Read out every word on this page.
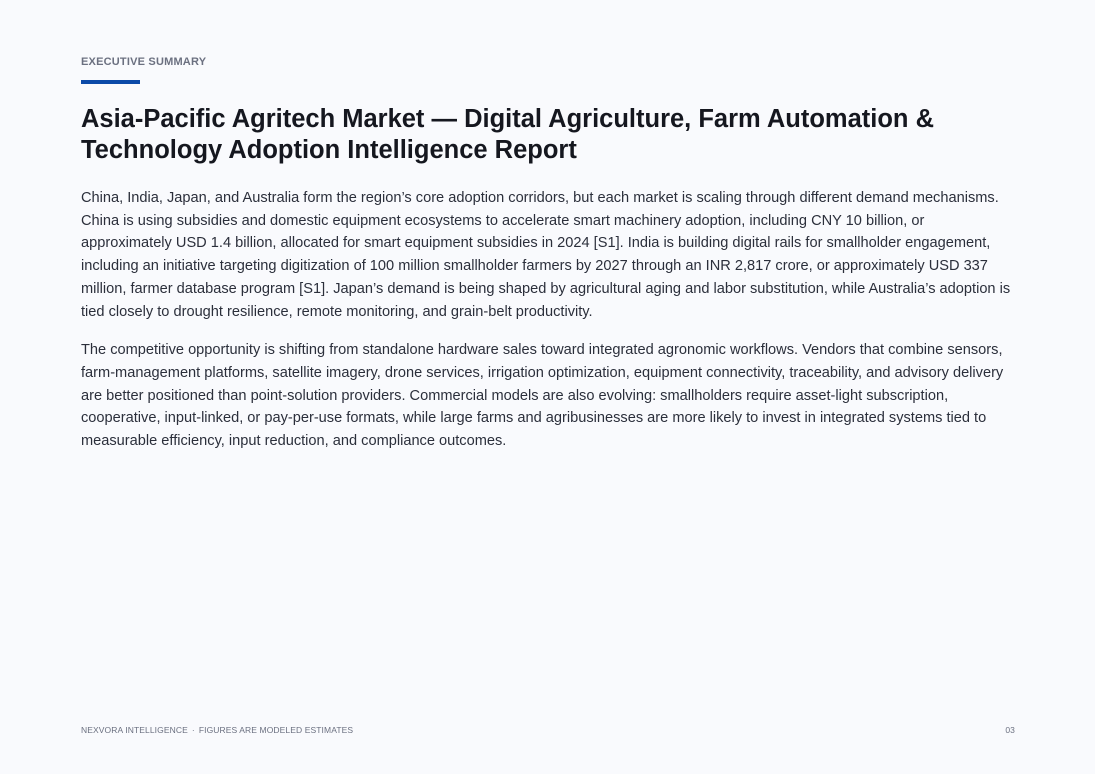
EXECUTIVE SUMMARY
Asia-Pacific Agritech Market — Digital Agriculture, Farm Automation & Technology Adoption Intelligence Report

China, India, Japan, and Australia form the region’s core adoption corridors, but each market is scaling through different demand mechanisms. China is using subsidies and domestic equipment ecosystems to accelerate smart machinery adoption, including CNY 10 billion, or approximately USD 1.4 billion, allocated for smart equipment subsidies in 2024 [S1]. India is building digital rails for smallholder engagement, including an initiative targeting digitization of 100 million smallholder farmers by 2027 through an INR 2,817 crore, or approximately USD 337 million, farmer database program [S1]. Japan’s demand is being shaped by agricultural aging and labor substitution, while Australia’s adoption is tied closely to drought resilience, remote monitoring, and grain-belt productivity.

The competitive opportunity is shifting from standalone hardware sales toward integrated agronomic workflows. Vendors that combine sensors, farm-management platforms, satellite imagery, drone services, irrigation optimization, equipment connectivity, traceability, and advisory delivery are better positioned than point-solution providers. Commercial models are also evolving: smallholders require asset-light subscription, cooperative, input-linked, or pay-per-use formats, while large farms and agribusinesses are more likely to invest in integrated systems tied to measurable efficiency, input reduction, and compliance outcomes.

NEXVORA INTELLIGENCE · FIGURES ARE MODELED ESTIMATES	03
